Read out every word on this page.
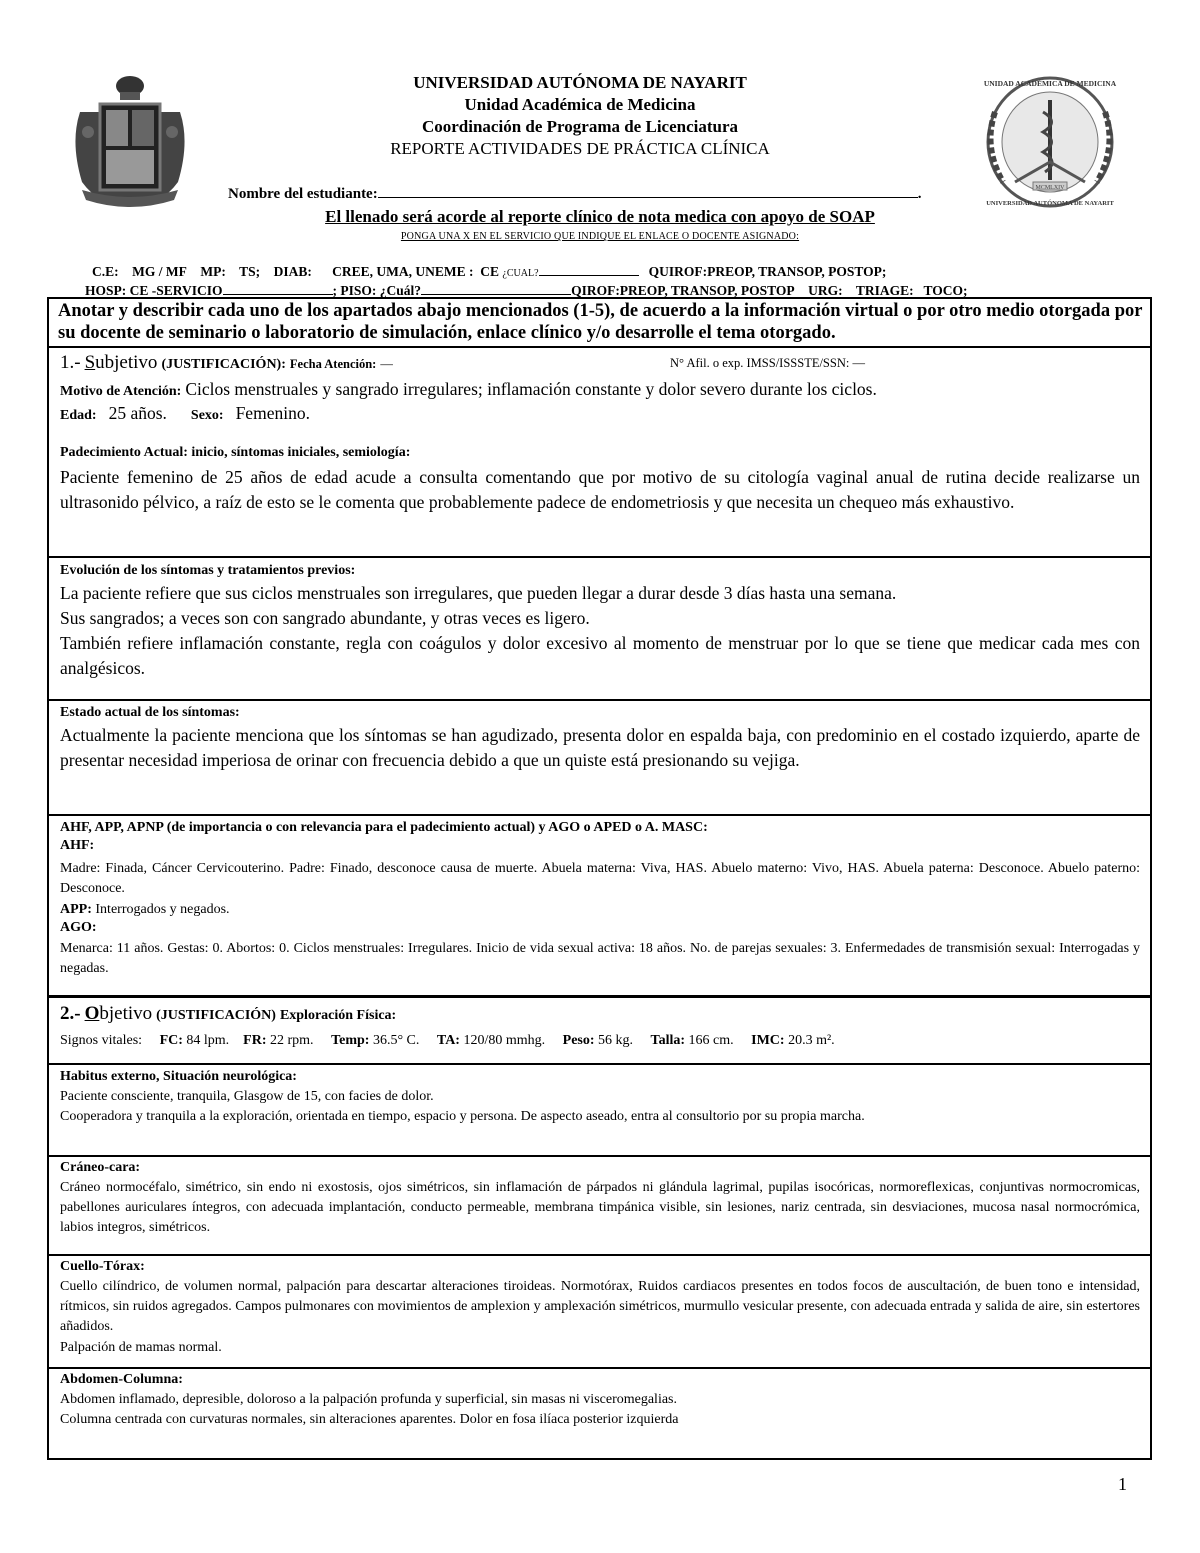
MCMLXIV
UNIDAD ACADÉMICA DE MEDICINA
UNIVERSIDAD AUTÓNOMA DE NAYARIT
UNIVERSIDAD AUTÓNOMA DE NAYARIT
Unidad Académica de Medicina
Coordinación de Programa de Licenciatura
REPORTE ACTIVIDADES DE PRÁCTICA CLÍNICA
Nombre del estudiante:	.
El llenado será acorde al reporte clínico de nota medica con apoyo de SOAP
PONGA UNA X EN EL SERVICIO QUE INDIQUE EL ENLACE O DOCENTE ASIGNADO:
C.E: MG / MF MP: TS; DIAB: CREE, UMA, UNEME : CE ¿CUAL?	QUIROF:PREOP, TRANSOP, POSTOP;
HOSP: CE -SERVICIO	; PISO: ¿Cuál?	QIROF:PREOP, TRANSOP, POSTOP URG: TRIAGE: TOCO;
Anotar y describir cada uno de los apartados abajo mencionados (1-5), de acuerdo a la información virtual o por otro medio otorgada por su docente de seminario o laboratorio de simulación, enlace clínico y/o desarrolle el tema otorgado.
1.- Subjetivo (JUSTIFICACIÓN): Fecha Atención: —	N° Afil. o exp. IMSS/ISSSTE/SSN: —
Motivo de Atención: Ciclos menstruales y sangrado irregulares; inflamación constante y dolor severo durante los ciclos.
Edad: 25 años. Sexo: Femenino.
Padecimiento Actual: inicio, síntomas iniciales, semiología:
Paciente femenino de 25 años de edad acude a consulta comentando que por motivo de su citología vaginal anual de rutina decide realizarse un ultrasonido pélvico, a raíz de esto se le comenta que probablemente padece de endometriosis y que necesita un chequeo más exhaustivo.
Evolución de los síntomas y tratamientos previos:
La paciente refiere que sus ciclos menstruales son irregulares, que pueden llegar a durar desde 3 días hasta una semana.
Sus sangrados; a veces son con sangrado abundante, y otras veces es ligero.
También refiere inflamación constante, regla con coágulos y dolor excesivo al momento de menstruar por lo que se tiene que medicar cada mes con analgésicos.
Estado actual de los síntomas:
Actualmente la paciente menciona que los síntomas se han agudizado, presenta dolor en espalda baja, con predominio en el costado izquierdo, aparte de presentar necesidad imperiosa de orinar con frecuencia debido a que un quiste está presionando su vejiga.
AHF, APP, APNP (de importancia o con relevancia para el padecimiento actual) y AGO o APED o A. MASC:
AHF:
Madre: Finada, Cáncer Cervicouterino. Padre: Finado, desconoce causa de muerte. Abuela materna: Viva, HAS. Abuelo materno: Vivo, HAS. Abuela paterna: Desconoce. Abuelo paterno: Desconoce.
APP: Interrogados y negados.
AGO:
Menarca: 11 años. Gestas: 0. Abortos: 0. Ciclos menstruales: Irregulares. Inicio de vida sexual activa: 18 años. No. de parejas sexuales: 3. Enfermedades de transmisión sexual: Interrogadas y negadas.
2.- Objetivo (JUSTIFICACIÓN) Exploración Física:
Signos vitales: FC: 84 lpm. FR: 22 rpm. Temp: 36.5° C. TA: 120/80 mmhg. Peso: 56 kg. Talla: 166 cm. IMC: 20.3 m².
Habitus externo, Situación neurológica:
Paciente consciente, tranquila, Glasgow de 15, con facies de dolor.
Cooperadora y tranquila a la exploración, orientada en tiempo, espacio y persona. De aspecto aseado, entra al consultorio por su propia marcha.
Cráneo-cara:
Cráneo normocéfalo, simétrico, sin endo ni exostosis, ojos simétricos, sin inflamación de párpados ni glándula lagrimal, pupilas isocóricas, normoreflexicas, conjuntivas normocromicas, pabellones auriculares íntegros, con adecuada implantación, conducto permeable, membrana timpánica visible, sin lesiones, nariz centrada, sin desviaciones, mucosa nasal normocrómica, labios integros, simétricos.
Cuello-Tórax:
Cuello cilíndrico, de volumen normal, palpación para descartar alteraciones tiroideas. Normotórax, Ruidos cardiacos presentes en todos focos de auscultación, de buen tono e intensidad, rítmicos, sin ruidos agregados. Campos pulmonares con movimientos de amplexion y amplexación simétricos, murmullo vesicular presente, con adecuada entrada y salida de aire, sin estertores añadidos.
Palpación de mamas normal.
Abdomen-Columna:
Abdomen inflamado, depresible, doloroso a la palpación profunda y superficial, sin masas ni visceromegalias.
Columna centrada con curvaturas normales, sin alteraciones aparentes. Dolor en fosa ilíaca posterior izquierda
1
